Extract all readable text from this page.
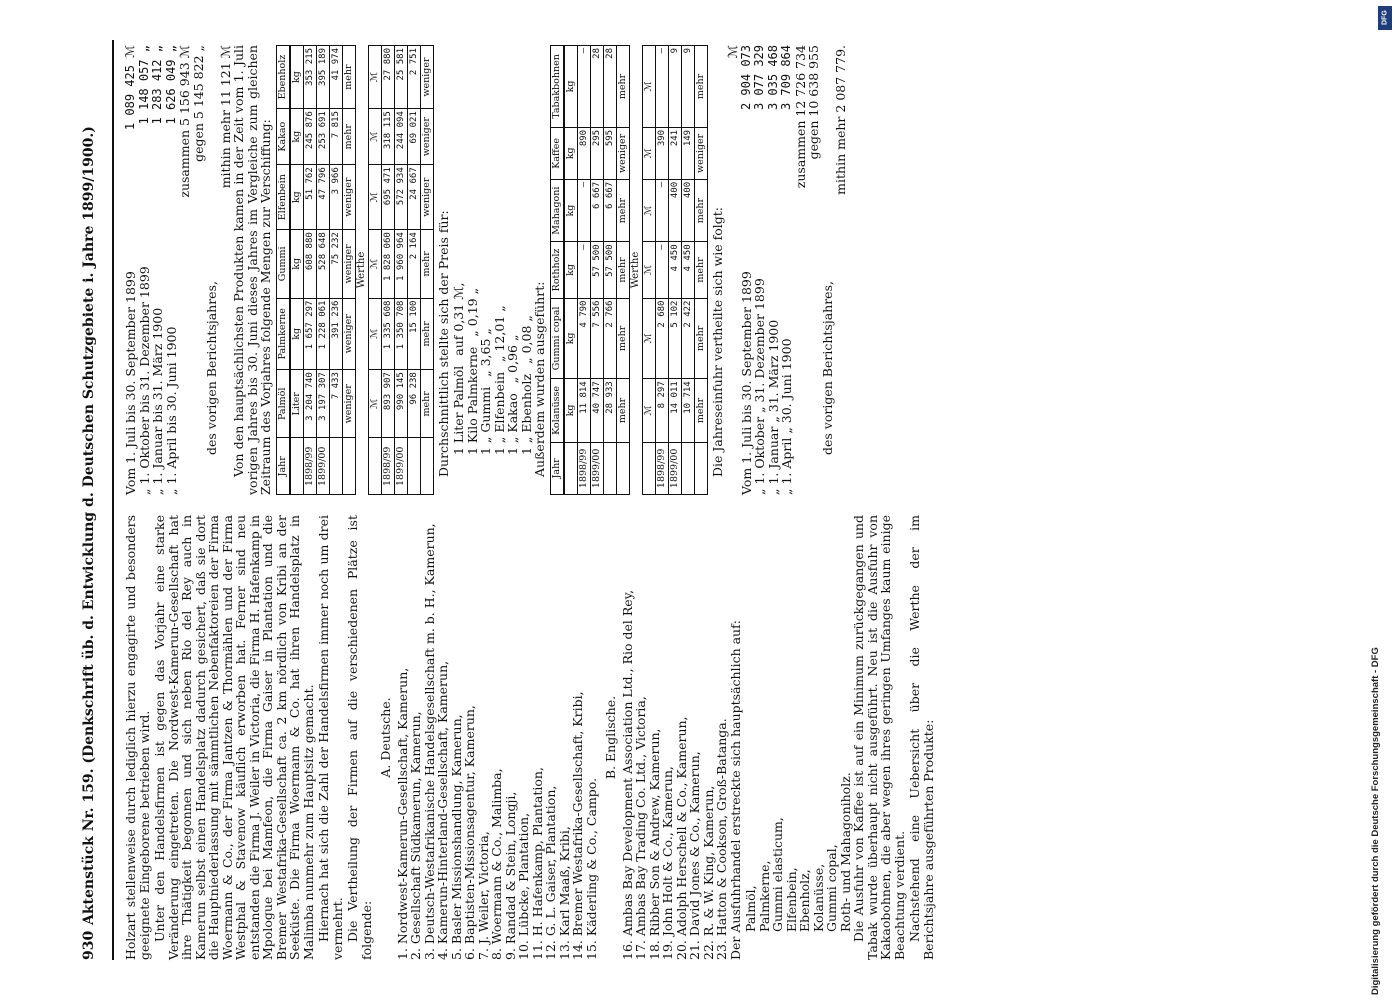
930
Aktenstück Nr. 159. (Denkschrift üb. d. Entwicklung d. Deutschen Schutzgebiete i. Jahre 1899/1900.) Holzart stellenweise durch lediglich hierzu engagirte und besonders geeignete Eingeborene betrieben wird. Unter den Handelsfirmen ist gegen das Vorjahr eine starke Veränderung eingetreten. Die Nordwest-Kamerun-Gesellschaft hat ihre Thätigkeit begonnen und sich neben Rio del Rey auch in Kamerun selbst einen Handelsplatz dadurch gesichert, daß sie dort die Hauptniederlassung mit sämmtlichen Nebenfaktoreien der Firma Woermann & Co., der Firma Jantzen & Thormählen und der Firma Westphal & Stavenow käuflich erworben hat. Ferner sind neu entstanden die Firma J. Weiler in Victoria, die Firma H. Hafenkamp in Mpologue bei Mamfeon, die Firma Gaiser in Plantation und die Bremer Westafrika-Gesellschaft ca. 2 km nördlich von Kribi an der Seeküste. Die Firma Woermann & Co. hat ihren Handelsplatz in Malimba nunmehr zum Hauptsitz gemacht. Hiernach hat sich die Zahl der Handelsfirmen immer noch um drei vermehrt. Die Vertheilung der Firmen auf die verschiedenen Plätze ist folgende:

A. Deutsche. 1. Nordwest-Kamerun-Gesellschaft, Kamerun,
2. Gesellschaft Südkamerun, Kamerun,
3. Deutsch-Westafrikanische Handelsgesellschaft m. b. H., Kamerun,
4. Kamerun-Hinterland-Gesellschaft, Kamerun,
5. Basler Missionshandlung, Kamerun,
6. Baptisten-Missionsagentur, Kamerun,
7. J. Weiler, Victoria,
8. Woermann & Co., Malimba,
9. Randad & Stein, Longji,
10. Lübcke, Plantation,
11. H. Hafenkamp, Plantation,
12. G. L. Gaiser, Plantation,
13. Karl Maaß, Kribi,
14. Bremer Westafrika-Gesellschaft, Kribi,
15. Käderling & Co., Campo.
B. Englische. 16. Ambas Bay Development Association Ltd., Rio del Rey,
17. Ambas Bay Trading Co. Ltd., Victoria,
18. Ribber Son & Andrew, Kamerun,
19. John Holt & Co., Kamerun,
20. Adolph Herschell & Co., Kamerun,
21. David Jones & Co., Kamerun,
22. R. & W. King, Kamerun,
23. Hatton & Cookson, Groß-Batanga.

Der Ausfuhrhandel erstreckte sich hauptsächlich auf: Palmöl,
Palmkerne,
Gummi elasticum,
Elfenbein,
Ebenholz,
Kolanüsse,
Gummi copal,
Roth- und Mahagoniholz.

Die Ausfuhr von Kaffee ist auf ein Minimum zurückgegangen und Tabak wurde überhaupt nicht ausgeführt. Neu ist die Ausfuhr von Kakaobohnen, die aber wegen ihres geringen Umfanges kaum einige Beachtung verdient. Nachstehend eine Uebersicht über die Werthe der im Berichtsjahre ausgeführten Produkte:

Vom 1. Juli bis 30. September 1899
1 089 425 ℳ
„ 1. Oktober bis 31. Dezember 1899
1 148 057 „
„ 1. Januar bis 31. März 1900
1 283 412 „
„ 1. April bis 30. Juni 1900
1 626 049 „
zusammen 5 156 943 ℳ
gegen 5 145 822 „
des vorigen Berichtsjahres,
mithin mehr 11 121 ℳ

Von den hauptsächlichsten Produkten kamen in der Zeit vom 1. Juli vorigen Jahres bis 30. Juni dieses Jahres im Vergleiche zum gleichen Zeitraum des Vorjahres folgende Mengen zur Verschiffung: Jahr	Palmöl	Palmkerne	Gummi	Elfenbein	Kakao	Ebenholz
	Liter	kg	kg	kg	kg	kg
1898/99	3 204 740	1 657 297	608 880	51 762	245 876	353 215
1899/00	3 197 307	1 228 061	528 648	47 796	253 691	395 189
	7 433	391 236	75 232	3 966	7 815	41 974
	weniger	weniger	weniger	weniger	mehr	mehr
Werthe						
	ℳ	ℳ	ℳ	ℳ	ℳ	ℳ
1898/99	893 907	1 335 608	1 828 060	695 471	318 115	27 880
1899/00	990 145	1 350 708	1 960 964	572 934	244 094	25 581
	96 238	15 100	2 164	24 667	69 021	2 751
	mehr	mehr	mehr	weniger	weniger	weniger

Durchschnittlich stellte sich der Preis für: 1 Liter Palmöl
auf 0,31 ℳ,
1 Kilo Palmkerne
„ 0,19 „
1 „ Gummi
„ 3,65 „
1 „ Elfenbein
„ 12,01 „
1 „ Kakao
„ 0,96 „
1 „ Ebenholz
„ 0,08 „

Außerdem wurden ausgeführt: Jahr	Kolanüsse	Gummi copal	Rothholz	Mahagoni	Kaffee	Tabakbohnen
	kg	kg	kg	kg	kg	kg
1898/99	11 814	4 790	—	—	890	—
1899/00	40 747	7 556	57 500	6 667	295	28
	28 933	2 766	57 500	6 667	595	28
	mehr	mehr	mehr	mehr	weniger	mehr
Werthe						
	ℳ	ℳ	ℳ	ℳ	ℳ	ℳ
1898/99	8 297	2 680	—	—	390	—
1899/00	14 011	5 102	4 450	400	241	9
	10 714	2 422	4 450	400	149	9
	mehr	mehr	mehr	mehr	weniger	mehr

Die Jahreseinfuhr vertheilte sich wie folgt:

ℳ
Vom 1. Juli bis 30. September 1899
2 904 073
„ 1. Oktober „ 31. Dezember 1899
3 077 329
„ 1. Januar „ 31. März 1900
3 035 468
„ 1. April „ 30. Juni 1900
3 709 864
zusammen 12 726 734
gegen 10 638 955
des vorigen Berichtsjahres,
mithin mehr 2 087 779.
Digitalisierung gefördert durch die Deutsche Forschungsgemeinschaft - DFG
DFG
